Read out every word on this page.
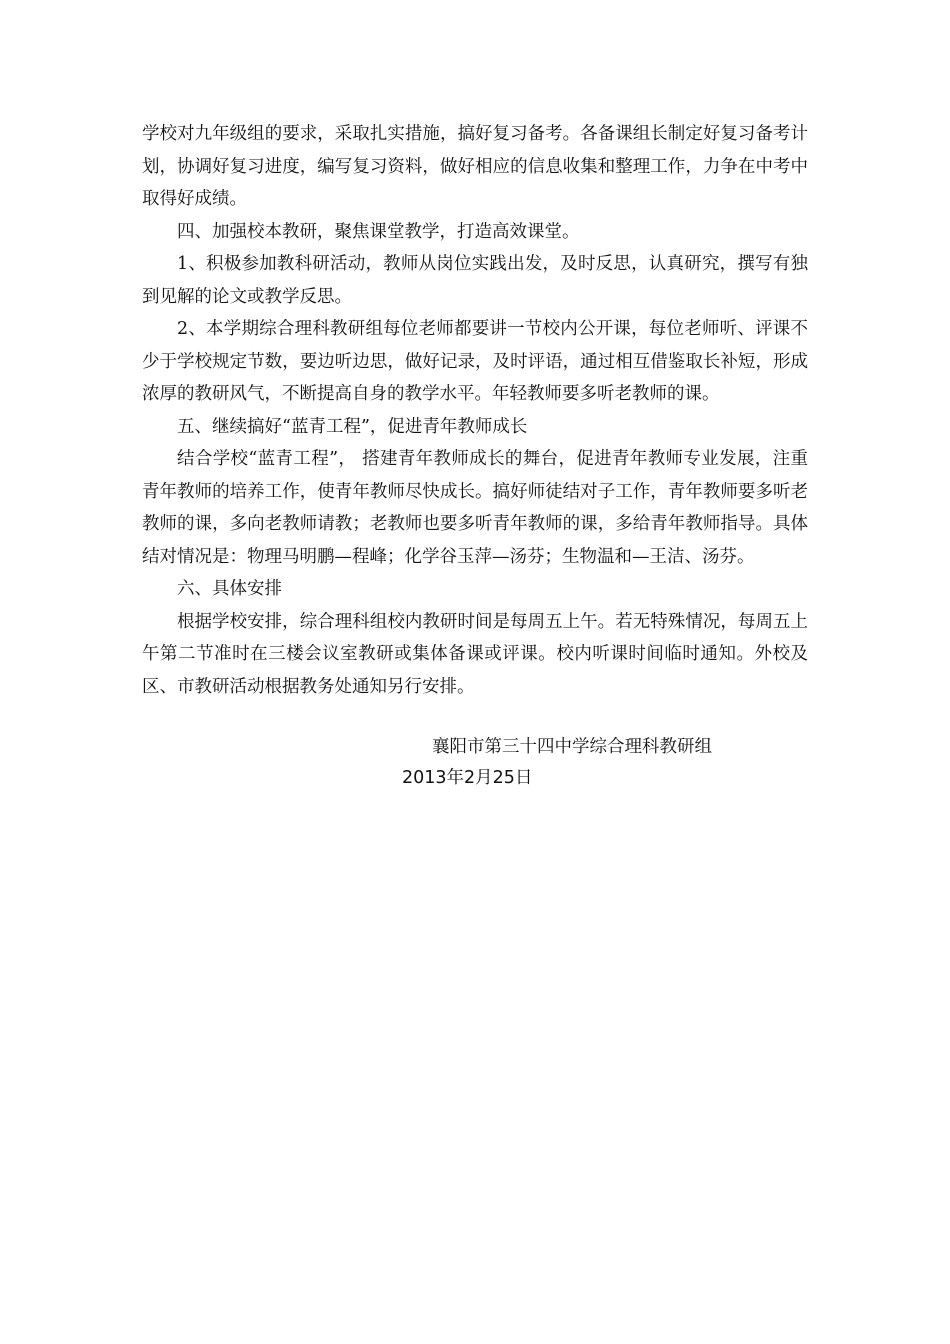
学校对九年级组的要求，采取扎实措施，搞好复习备考。各备课组长制定好复习备考计划，协调好复习进度，编写复习资料，做好相应的信息收集和整理工作，力争在中考中取得好成绩。

四、加强校本教研，聚焦课堂教学，打造高效课堂。

1、积极参加教科研活动，教师从岗位实践出发，及时反思，认真研究，撰写有独到见解的论文或教学反思。

2、本学期综合理科教研组每位老师都要讲一节校内公开课，每位老师听、评课不少于学校规定节数，要边听边思，做好记录，及时评语，通过相互借鉴取长补短，形成浓厚的教研风气，不断提高自身的教学水平。年轻教师要多听老教师的课。

五、继续搞好“蓝青工程”，促进青年教师成长

结合学校“蓝青工程”， 搭建青年教师成长的舞台，促进青年教师专业发展，注重青年教师的培养工作，使青年教师尽快成长。搞好师徒结对子工作，青年教师要多听老教师的课，多向老教师请教；老教师也要多听青年教师的课，多给青年教师指导。具体结对情况是：物理马明鹏—程峰；化学谷玉萍—汤芬；生物温和—王洁、汤芬。

六、具体安排

根据学校安排，综合理科组校内教研时间是每周五上午。若无特殊情况，每周五上午第二节准时在三楼会议室教研或集体备课或评课。校内听课时间临时通知。外校及区、市教研活动根据教务处通知另行安排。

襄阳市第三十四中学综合理科教研组
2013年2月25日
